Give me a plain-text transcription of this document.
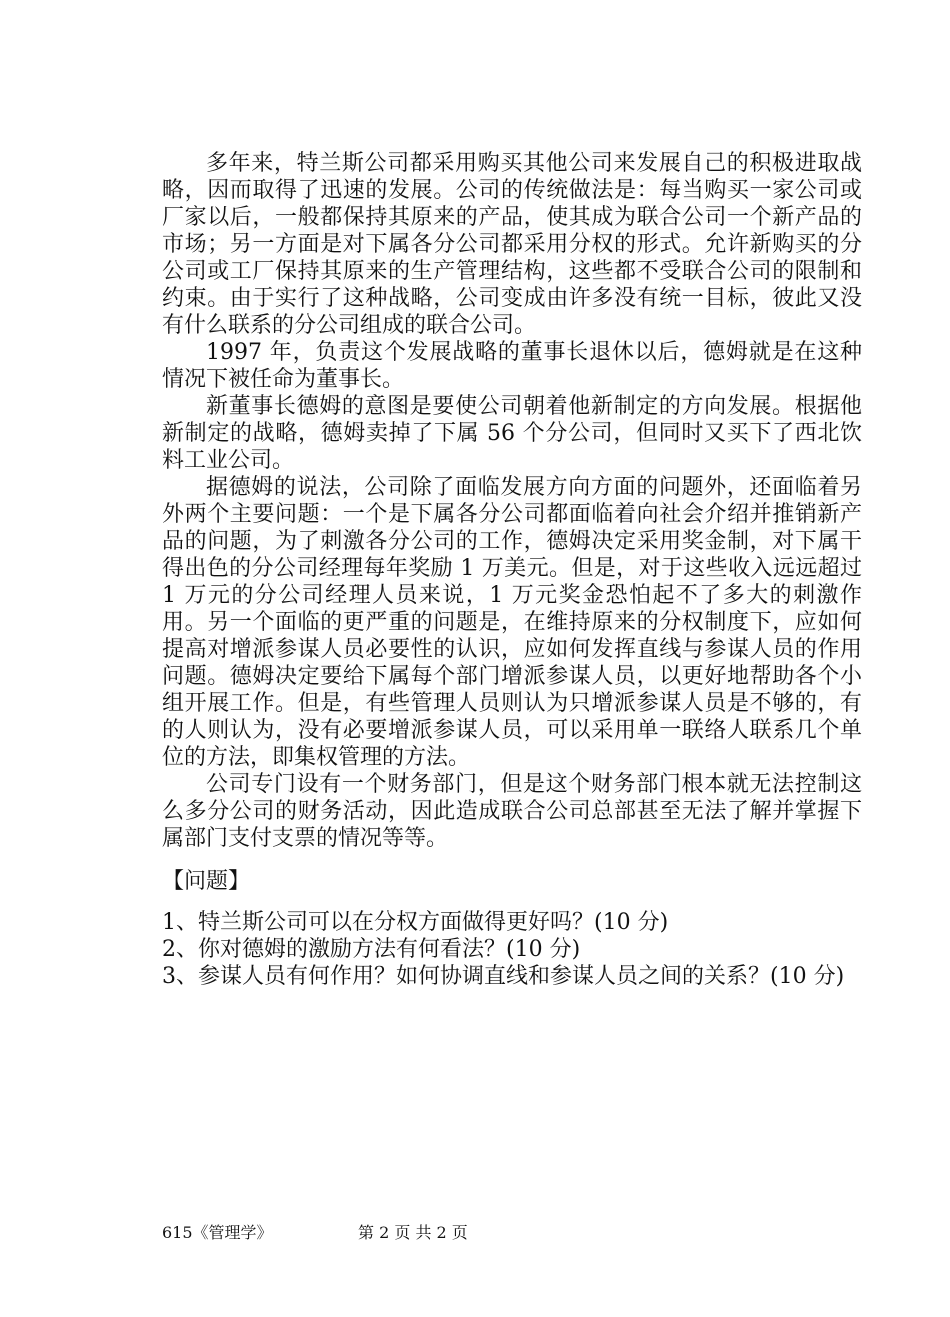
多年来，特兰斯公司都采用购买其他公司来发展自己的积极进取战略，因而取得了迅速的发展。公司的传统做法是：每当购买一家公司或厂家以后，一般都保持其原来的产品，使其成为联合公司一个新产品的市场；另一方面是对下属各分公司都采用分权的形式。允许新购买的分公司或工厂保持其原来的生产管理结构，这些都不受联合公司的限制和约束。由于实行了这种战略，公司变成由许多没有统一目标，彼此又没有什么联系的分公司组成的联合公司。

1997 年，负责这个发展战略的董事长退休以后，德姆就是在这种情况下被任命为董事长。

新董事长德姆的意图是要使公司朝着他新制定的方向发展。根据他新制定的战略，德姆卖掉了下属 56 个分公司，但同时又买下了西北饮料工业公司。

据德姆的说法，公司除了面临发展方向方面的问题外，还面临着另外两个主要问题：一个是下属各分公司都面临着向社会介绍并推销新产品的问题，为了刺激各分公司的工作，德姆决定采用奖金制，对下属干得出色的分公司经理每年奖励 1 万美元。但是，对于这些收入远远超过 1 万元的分公司经理人员来说，1 万元奖金恐怕起不了多大的刺激作用。另一个面临的更严重的问题是，在维持原来的分权制度下，应如何提高对增派参谋人员必要性的认识，应如何发挥直线与参谋人员的作用问题。德姆决定要给下属每个部门增派参谋人员，以更好地帮助各个小组开展工作。但是，有些管理人员则认为只增派参谋人员是不够的，有的人则认为，没有必要增派参谋人员，可以采用单一联络人联系几个单位的方法，即集权管理的方法。

公司专门设有一个财务部门，但是这个财务部门根本就无法控制这么多分公司的财务活动，因此造成联合公司总部甚至无法了解并掌握下属部门支付支票的情况等等。

【问题】

1、特兰斯公司可以在分权方面做得更好吗？(10 分)

2、你对德姆的激励方法有何看法？(10 分)

3、参谋人员有何作用？如何协调直线和参谋人员之间的关系？(10 分)

615《管理学》	第 2 页 共 2 页
